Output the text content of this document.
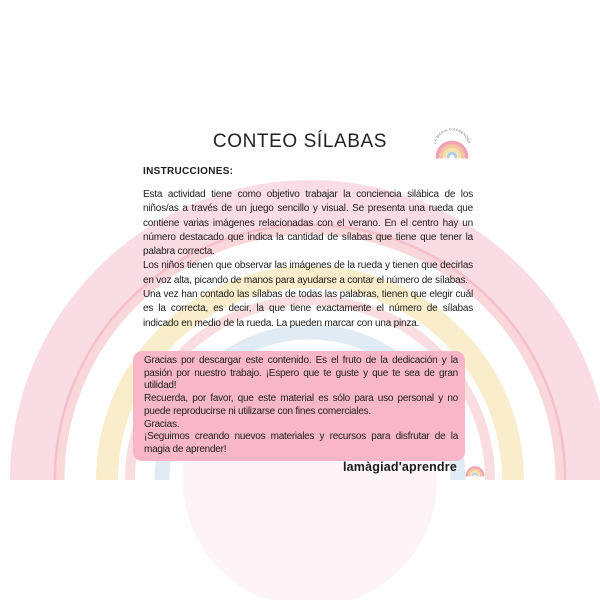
CONTEO SÍLABAS	LA MÀGIA D'APRENDRE
INSTRUCCIONES:

Esta actividad tiene como objetivo trabajar la conciencia silábica de los niños/as a través de un juego sencillo y visual. Se presenta una rueda que contiene varias imágenes relacionadas con el verano. En el centro hay un número destacado que indica la cantidad de sílabas que tiene que tener la palabra correcta.

Los niños tienen que observar las imágenes de la rueda y tienen que decirlas en voz alta, picando de manos para ayudarse a contar el número de sílabas.

Una vez han contado las sílabas de todas las palabras, tienen que elegir cuál es la correcta, es decir, la que tiene exactamente el número de sílabas indicado en medio de la rueda. La pueden marcar con una pinza.

Gracias por descargar este contenido. Es el fruto de la dedicación y la pasión por nuestro trabajo. ¡Espero que te guste y que te sea de gran utilidad!

Recuerda, por favor, que este material es sólo para uso personal y no puede reproducirse ni utilizarse con fines comerciales.

Gracias.

¡Seguimos creando nuevos materiales y recursos para disfrutar de la magia de aprender!

lamàgiad'aprendre
